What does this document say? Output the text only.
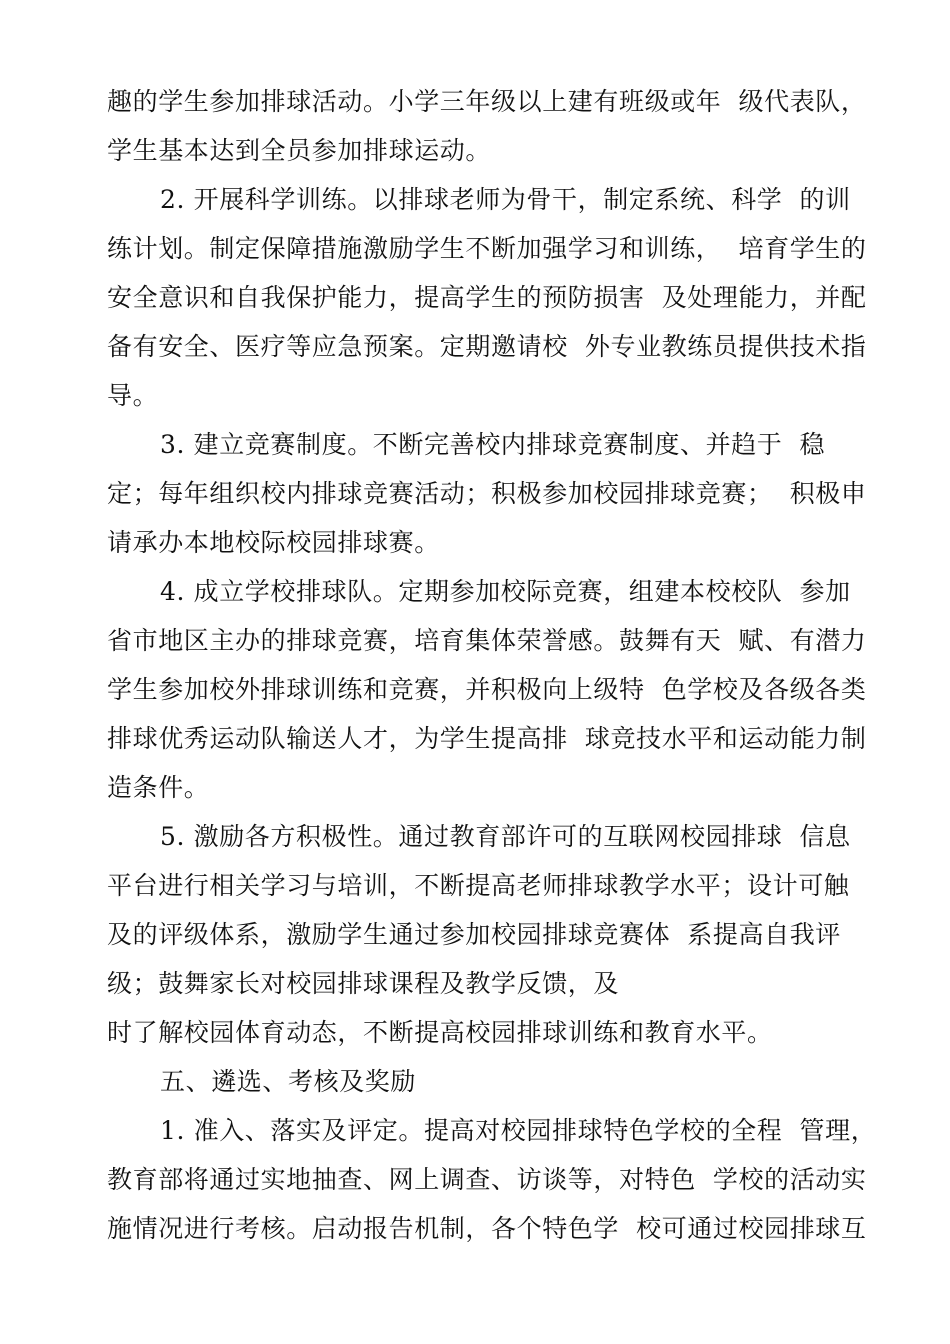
趣的学生参加排球活动。小学三年级以上建有班级或年  级代表队，
学生基本达到全员参加排球运动。
2. 开展科学训练。以排球老师为骨干，制定系统、科学  的训
练计划。制定保障措施激励学生不断加强学习和训练，  培育学生的
安全意识和自我保护能力，提高学生的预防损害  及处理能力，并配
备有安全、医疗等应急预案。定期邀请校  外专业教练员提供技术指
导。
3. 建立竞赛制度。不断完善校内排球竞赛制度、并趋于  稳
定；每年组织校内排球竞赛活动；积极参加校园排球竞赛；  积极申
请承办本地校际校园排球赛。
4. 成立学校排球队。定期参加校际竞赛，组建本校校队  参加
省市地区主办的排球竞赛，培育集体荣誉感。鼓舞有天  赋、有潜力
学生参加校外排球训练和竞赛，并积极向上级特  色学校及各级各类
排球优秀运动队输送人才，为学生提高排  球竞技水平和运动能力制
造条件。
5. 激励各方积极性。通过教育部许可的互联网校园排球  信息
平台进行相关学习与培训，不断提高老师排球教学水平；设计可触
及的评级体系，激励学生通过参加校园排球竞赛体  系提高自我评
级；鼓舞家长对校园排球课程及教学反馈，及
时了解校园体育动态，不断提高校园排球训练和教育水平。
五、遴选、考核及奖励
1. 准入、落实及评定。提高对校园排球特色学校的全程  管理，
教育部将通过实地抽查、网上调查、访谈等，对特色  学校的活动实
施情况进行考核。启动报告机制，各个特色学  校可通过校园排球互
